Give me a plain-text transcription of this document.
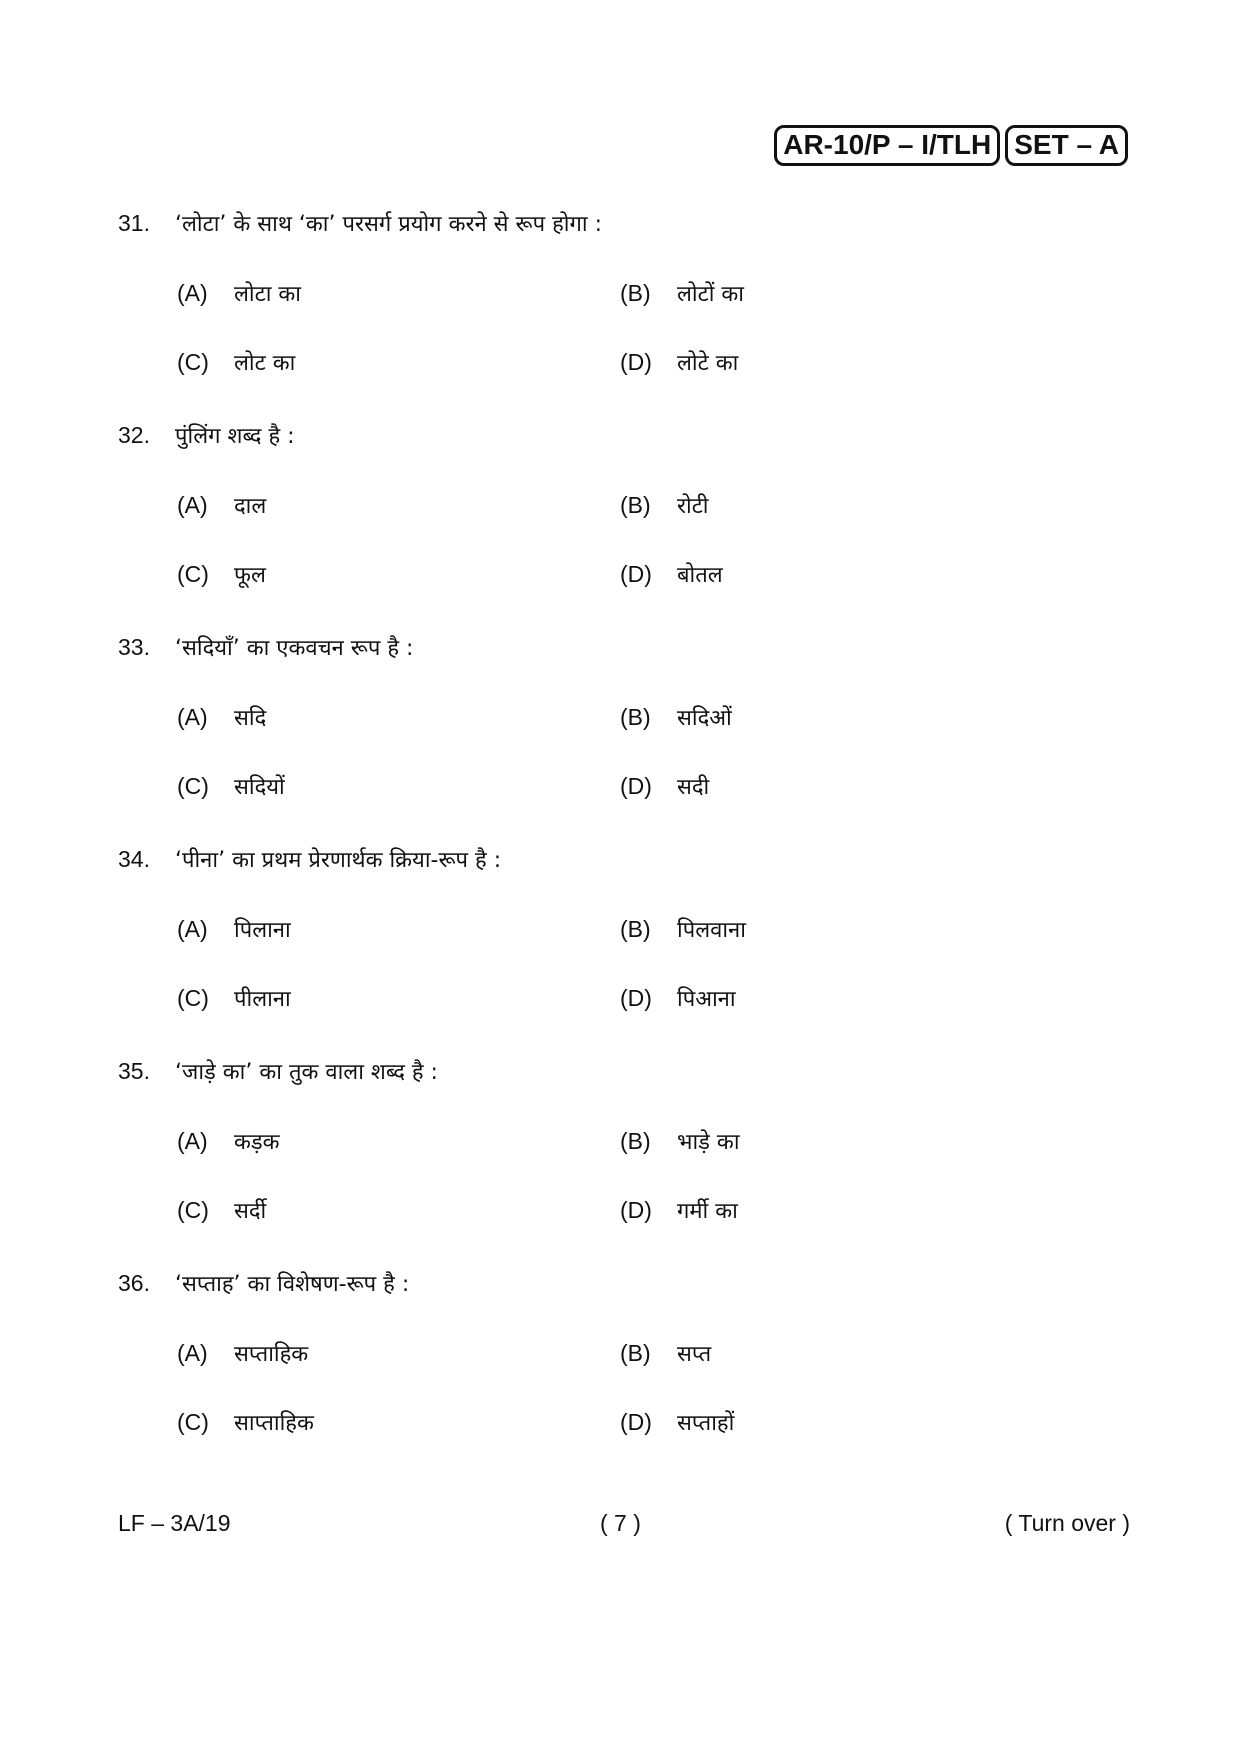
AR-10/P – I/TLH SET – A
31.	‘लोटा’ के साथ ‘का’ परसर्ग प्रयोग करने से रूप होगा :
(A)	लोटा का	(B)	लोटों का
(C)	लोट का	(D)	लोटे का
32.	पुंलिंग शब्द है :
(A)	दाल	(B)	रोटी
(C)	फूल	(D)	बोतल
33.	‘सदियाँ’ का एकवचन रूप है :
(A)	सदि	(B)	सदिओं
(C)	सदियों	(D)	सदी
34.	‘पीना’ का प्रथम प्रेरणार्थक क्रिया-रूप है :
(A)	पिलाना	(B)	पिलवाना
(C)	पीलाना	(D)	पिआना
35.	‘जाड़े का’ का तुक वाला शब्द है :
(A)	कड़क	(B)	भाड़े का
(C)	सर्दी	(D)	गर्मी का
36.	‘सप्ताह’ का विशेषण-रूप है :
(A)	सप्ताहिक	(B)	सप्त
(C)	साप्ताहिक	(D)	सप्ताहों
LF – 3A/19	( 7 )	( Turn over )
